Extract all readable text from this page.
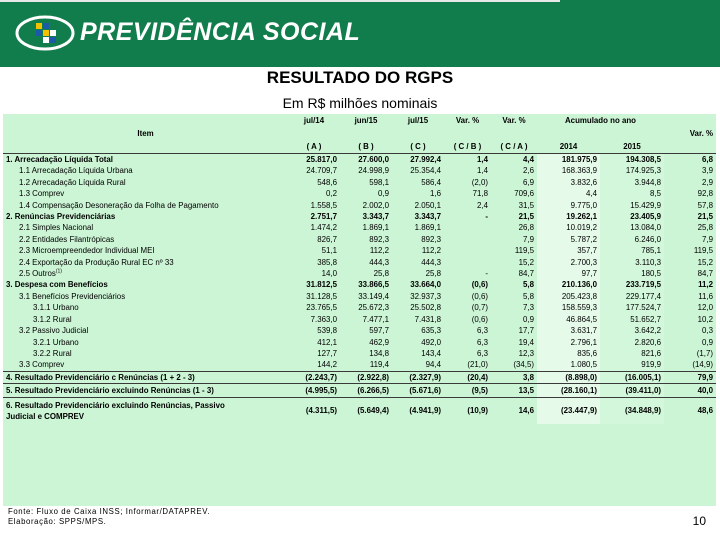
PREVIDÊNCIA SOCIAL
RESULTADO DO RGPS
Em R$ milhões nominais
	jul/14	jun/15	jul/15	Var. %	Var. %	Acumulado no ano		
Item								Var. %
	( A )	( B )	( C )	( C / B )	( C / A )	2014	2015	
1. Arrecadação Líquida Total	25.817,0	27.600,0	27.992,4	1,4	4,4	181.975,9	194.308,5	6,8
1.1 Arrecadação Líquida Urbana	24.709,7	24.998,9	25.354,4	1,4	2,6	168.363,9	174.925,3	3,9
1.2 Arrecadação Líquida Rural	548,6	598,1	586,4	(2,0)	6,9	3.832,6	3.944,8	2,9
1.3 Comprev	0,2	0,9	1,6	71,8	709,6	4,4	8,5	92,8
1.4 Compensação Desoneração da Folha de Pagamento	1.558,5	2.002,0	2.050,1	2,4	31,5	9.775,0	15.429,9	57,8
2. Renúncias Previdenciárias	2.751,7	3.343,7	3.343,7	-	21,5	19.262,1	23.405,9	21,5
2.1 Simples Nacional	1.474,2	1.869,1	1.869,1		26,8	10.019,2	13.084,0	25,8
2.2 Entidades Filantrópicas	826,7	892,3	892,3		7,9	5.787,2	6.246,0	7,9
2.3 Microempreendedor Individual MEI	51,1	112,2	112,2		119,5	357,7	785,1	119,5
2.4 Exportação da Produção Rural EC nº 33	385,8	444,3	444,3		15,2	2.700,3	3.110,3	15,2
2.5 Outros$^{(1)}$	14,0	25,8	25,8	-	84,7	97,7	180,5	84,7
3. Despesa com Benefícios	31.812,5	33.866,5	33.664,0	(0,6)	5,8	210.136,0	233.719,5	11,2
3.1 Benefícios Previdenciários	31.128,5	33.149,4	32.937,3	(0,6)	5,8	205.423,8	229.177,4	11,6
3.1.1 Urbano	23.765,5	25.672,3	25.502,8	(0,7)	7,3	158.559,3	177.524,7	12,0
3.1.2 Rural	7.363,0	7.477,1	7.431,8	(0,6)	0,9	46.864,5	51.652,7	10,2
3.2 Passivo Judicial	539,8	597,7	635,3	6,3	17,7	3.631,7	3.642,2	0,3
3.2.1 Urbano	412,1	462,9	492,0	6,3	19,4	2.796,1	2.820,6	0,9
3.2.2 Rural	127,7	134,8	143,4	6,3	12,3	835,6	821,6	(1,7)
3.3 Comprev	144,2	119,4	94,4	(21,0)	(34,5)	1.080,5	919,9	(14,9)
4. Resultado Previdenciário c Renúncias (1 + 2 - 3)	(2.243,7)	(2.922,8)	(2.327,9)	(20,4)	3,8	(8.898,0)	(16.005,1)	79,9
5. Resultado Previdenciário excluindo Renúncias (1 - 3)	(4.995,5)	(6.266,5)	(5.671,6)	(9,5)	13,5	(28.160,1)	(39.411,0)	40,0
6. Resultado Previdenciário excluindo Renúncias, Passivo
Judicial e COMPREV	(4.311,5)	(5.649,4)	(4.941,9)	(10,9)	14,6	(23.447,9)	(34.848,9)	48,6
Fonte: Fluxo de Caixa INSS; Informar/DATAPREV.
Elaboração: SPPS/MPS.	10
